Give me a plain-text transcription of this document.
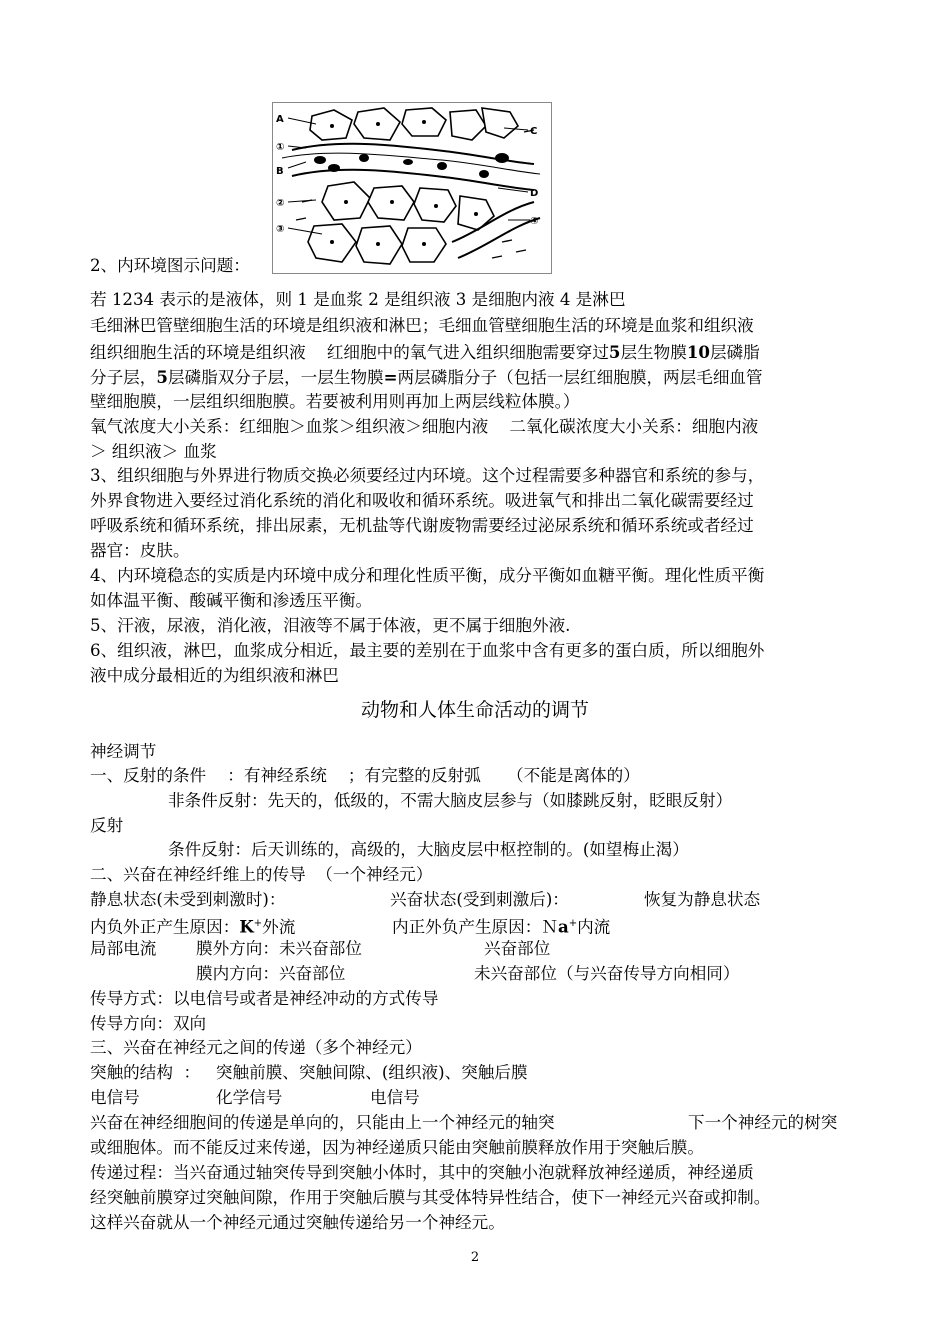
2、内环境图示问题：
A
B
①
②
③
C
D
④
若 1234 表示的是液体，则 1 是血浆 2 是组织液 3 是细胞内液 4 是淋巴
毛细淋巴管壁细胞生活的环境是组织液和淋巴；毛细血管壁细胞生活的环境是血浆和组织液
组织细胞生活的环境是组织液    红细胞中的氧气进入组织细胞需要穿过5层生物膜10层磷脂
分子层，5层磷脂双分子层，一层生物膜=两层磷脂分子（包括一层红细胞膜，两层毛细血管
壁细胞膜，一层组织细胞膜。若要被利用则再加上两层线粒体膜。）
氧气浓度大小关系：红细胞＞血浆＞组织液＞细胞内液    二氧化碳浓度大小关系：细胞内液
＞ 组织液＞ 血浆
3、组织细胞与外界进行物质交换必须要经过内环境。这个过程需要多种器官和系统的参与，
外界食物进入要经过消化系统的消化和吸收和循环系统。吸进氧气和排出二氧化碳需要经过
呼吸系统和循环系统，排出尿素，无机盐等代谢废物需要经过泌尿系统和循环系统或者经过
器官：皮肤。
4、内环境稳态的实质是内环境中成分和理化性质平衡，成分平衡如血糖平衡。理化性质平衡
如体温平衡、酸碱平衡和渗透压平衡。
5、汗液，尿液，消化液，泪液等不属于体液，更不属于细胞外液.
6、组织液，淋巴，血浆成分相近，最主要的差别在于血浆中含有更多的蛋白质，所以细胞外
液中成分最相近的为组织液和淋巴
动物和人体生命活动的调节
神经调节
一、反射的条件    ：有神经系统    ；有完整的反射弧     （不能是离体的）
非条件反射：先天的，低级的，不需大脑皮层参与（如膝跳反射，眨眼反射）
反射
条件反射：后天训练的，高级的，大脑皮层中枢控制的。(如望梅止渴）
二、兴奋在神经纤维上的传导  （一个神经元）
静息状态(未受到刺激时)：	兴奋状态(受到刺激后)：	恢复为静息状态
内负外正产生原因：K+外流	内正外负产生原因：Ｎa+内流
局部电流 膜外方向：未兴奋部位	兴奋部位
膜内方向：兴奋部位	未兴奋部位（与兴奋传导方向相同）
传导方式：以电信号或者是神经冲动的方式传导
传导方向：双向
三、兴奋在神经元之间的传递（多个神经元）
突触的结构  ：   突触前膜、突触间隙、(组织液)、突触后膜
电信号	化学信号	电信号
兴奋在神经细胞间的传递是单向的，只能由上一个神经元的轴突	下一个神经元的树突
或细胞体。而不能反过来传递，因为神经递质只能由突触前膜释放作用于突触后膜。
传递过程：当兴奋通过轴突传导到突触小体时，其中的突触小泡就释放神经递质，神经递质
经突触前膜穿过突触间隙，作用于突触后膜与其受体特异性结合，使下一神经元兴奋或抑制。
这样兴奋就从一个神经元通过突触传递给另一个神经元。
2
